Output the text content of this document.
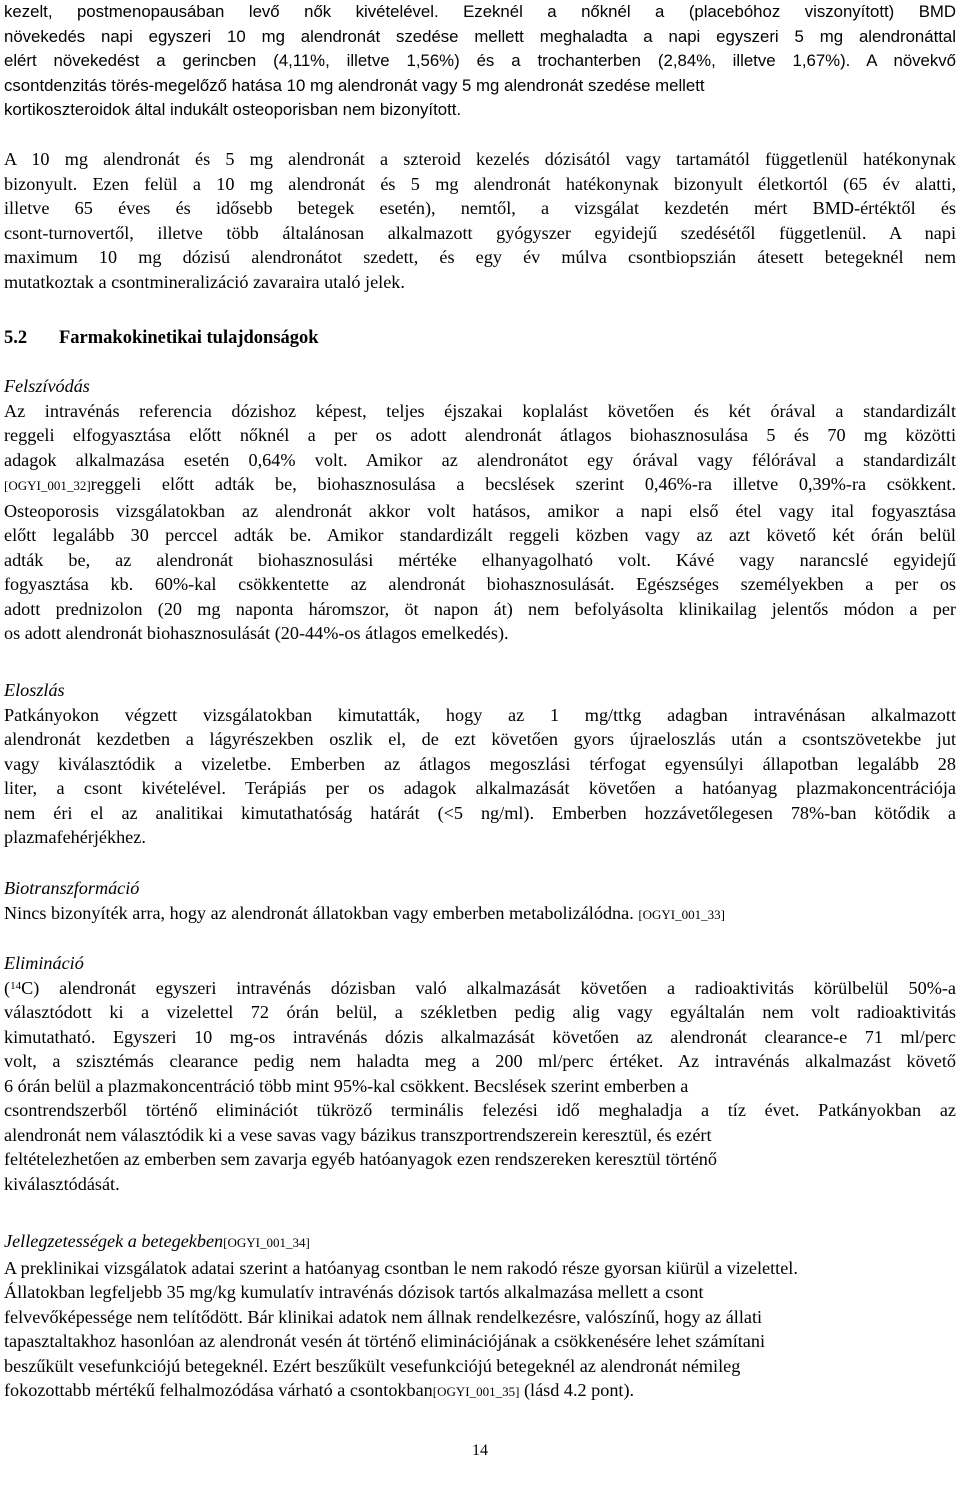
kezelt, postmenopausában levő nők kivételével. Ezeknél a nőknél a (placebóhoz viszonyított) BMD
növekedés napi egyszeri 10 mg alendronát szedése mellett meghaladta a napi egyszeri 5 mg alendronáttal
elért növekedést a gerincben (4,11%, illetve 1,56%) és a trochanterben (2,84%, illetve 1,67%). A növekvő
csontdenzitás törés-megelőző hatása 10 mg alendronát vagy 5 mg alendronát szedése mellett
kortikoszteroidok által indukált osteoporisban nem bizonyított.
A 10 mg alendronát és 5 mg alendronát a szteroid kezelés dózisától vagy tartamától függetlenül hatékonynak
bizonyult. Ezen felül a 10 mg alendronát és 5 mg alendronát hatékonynak bizonyult életkortól (65 év alatti,
illetve 65 éves és idősebb betegek esetén), nemtől, a vizsgálat kezdetén mért BMD-értéktől és
csont-turnovertől, illetve több általánosan alkalmazott gyógyszer egyidejű szedésétől függetlenül. A napi
maximum 10 mg dózisú alendronátot szedett, és egy év múlva csontbiopszián átesett betegeknél nem
mutatkoztak a csontmineralizáció zavaraira utaló jelek.
5.2 Farmakokinetikai tulajdonságok
Felszívódás
Az intravénás referencia dózishoz képest, teljes éjszakai koplalást követően és két órával a standardizált
reggeli elfogyasztása előtt nőknél a per os adott alendronát átlagos biohasznosulása 5 és 70 mg közötti
adagok alkalmazása esetén 0,64% volt. Amikor az alendronátot egy órával vagy félórával a standardizált
[OGYI_001_32]reggeli előtt adták be, biohasznosulása a becslések szerint 0,46%-ra illetve 0,39%-ra csökkent.
Osteoporosis vizsgálatokban az alendronát akkor volt hatásos, amikor a napi első étel vagy ital fogyasztása
előtt legalább 30 perccel adták be. Amikor standardizált reggeli közben vagy az azt követő két órán belül
adták be, az alendronát biohasznosulási mértéke elhanyagolható volt. Kávé vagy narancslé egyidejű
fogyasztása kb. 60%-kal csökkentette az alendronát biohasznosulását. Egészséges személyekben a per os
adott prednizolon (20 mg naponta háromszor, öt napon át) nem befolyásolta klinikailag jelentős módon a per
os adott alendronát biohasznosulását (20-44%-os átlagos emelkedés).
Eloszlás
Patkányokon végzett vizsgálatokban kimutatták, hogy az 1 mg/ttkg adagban intravénásan alkalmazott
alendronát kezdetben a lágyrészekben oszlik el, de ezt követően gyors újraeloszlás után a csontszövetekbe jut
vagy kiválasztódik a vizeletbe. Emberben az átlagos megoszlási térfogat egyensúlyi állapotban legalább 28
liter, a csont kivételével. Terápiás per os adagok alkalmazását követően a hatóanyag plazmakoncentrációja
nem éri el az analitikai kimutathatóság határát (<5 ng/ml). Emberben hozzávetőlegesen 78%-ban kötődik a
plazmafehérjékhez.
Biotranszformáció
Nincs bizonyíték arra, hogy az alendronát állatokban vagy emberben metabolizálódna. [OGYI_001_33]
Elimináció
($^{14}$C) alendronát egyszeri intravénás dózisban való alkalmazását követően a radioaktivitás körülbelül 50%-a
választódott ki a vizelettel 72 órán belül, a székletben pedig alig vagy egyáltalán nem volt radioaktivitás
kimutatható. Egyszeri 10 mg-os intravénás dózis alkalmazását követően az alendronát clearance-e 71 ml/perc
volt, a szisztémás clearance pedig nem haladta meg a 200 ml/perc értéket. Az intravénás alkalmazást követő
6 órán belül a plazmakoncentráció több mint 95%-kal csökkent. Becslések szerint emberben a
csontrendszerből történő eliminációt tükröző terminális felezési idő meghaladja a tíz évet. Patkányokban az
alendronát nem választódik ki a vese savas vagy bázikus transzportrendszerein keresztül, és ezért
feltételezhetően az emberben sem zavarja egyéb hatóanyagok ezen rendszereken keresztül történő
kiválasztódását.
Jellegzetességek a betegekben[OGYI_001_34]
A preklinikai vizsgálatok adatai szerint a hatóanyag csontban le nem rakodó része gyorsan kiürül a vizelettel.
Állatokban legfeljebb 35 mg/kg kumulatív intravénás dózisok tartós alkalmazása mellett a csont
felvevőképessége nem telítődött. Bár klinikai adatok nem állnak rendelkezésre, valószínű, hogy az állati
tapasztaltakhoz hasonlóan az alendronát vesén át történő eliminációjának a csökkenésére lehet számítani
beszűkült vesefunkciójú betegeknél. Ezért beszűkült vesefunkciójú betegeknél az alendronát némileg
fokozottabb mértékű felhalmozódása várható a csontokban[OGYI_001_35] (lásd 4.2 pont).
14
